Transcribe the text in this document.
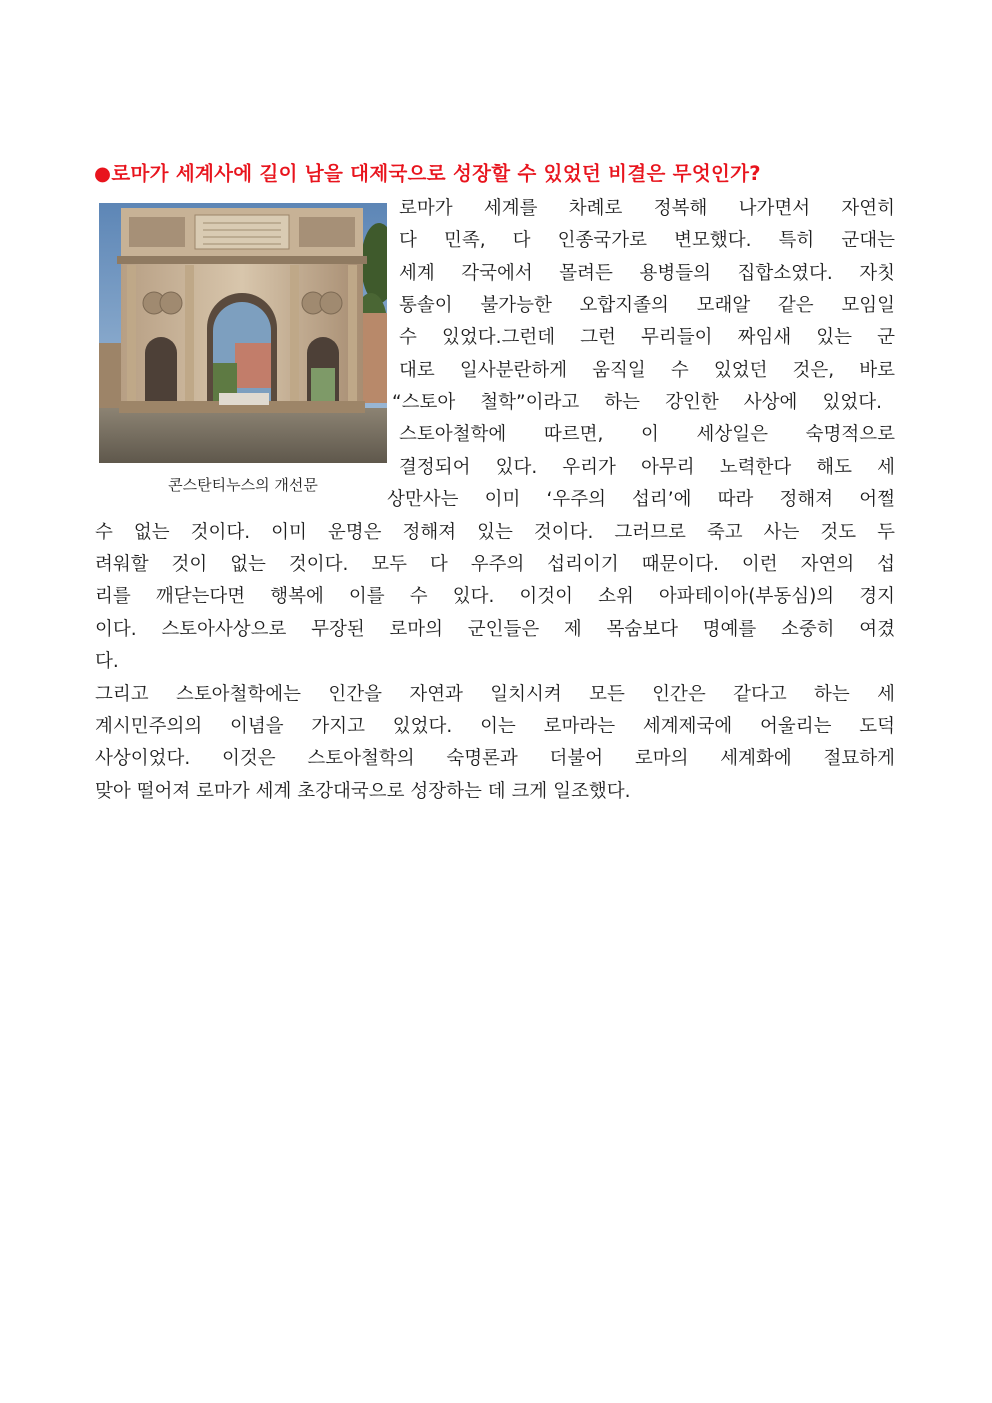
●로마가 세계사에 길이 남을 대제국으로 성장할 수 있었던 비결은 무엇인가?
콘스탄티누스의 개선문
로마가 세계를 차례로 정복해 나가면서 자연히
다 민족, 다 인종국가로 변모했다. 특히 군대는
세계 각국에서 몰려든 용병들의 집합소였다. 자칫
통솔이 불가능한 오합지졸의 모래알 같은 모임일
수 있었다.그런데 그런 무리들이 짜임새 있는 군
대로 일사분란하게 움직일 수 있었던 것은, 바로
“스토아 철학”이라고 하는 강인한 사상에 있었다.
스토아철학에 따르면, 이 세상일은 숙명적으로
결정되어 있다. 우리가 아무리 노력한다 해도 세
상만사는 이미 ‘우주의 섭리’에 따라 정해져 어쩔
수 없는 것이다. 이미 운명은 정해져 있는 것이다. 그러므로 죽고 사는 것도 두
려워할 것이 없는 것이다. 모두 다 우주의 섭리이기 때문이다. 이런 자연의 섭
리를 깨닫는다면 행복에 이를 수 있다. 이것이 소위 아파테이아(부동심)의 경지
이다. 스토아사상으로 무장된 로마의 군인들은 제 목숨보다 명예를 소중히 여겼
다.
그리고 스토아철학에는 인간을 자연과 일치시켜 모든 인간은 같다고 하는 세
계시민주의의 이념을 가지고 있었다. 이는 로마라는 세계제국에 어울리는 도덕
사상이었다. 이것은 스토아철학의 숙명론과 더불어 로마의 세계화에 절묘하게
맞아 떨어져 로마가 세계 초강대국으로 성장하는 데 크게 일조했다.
